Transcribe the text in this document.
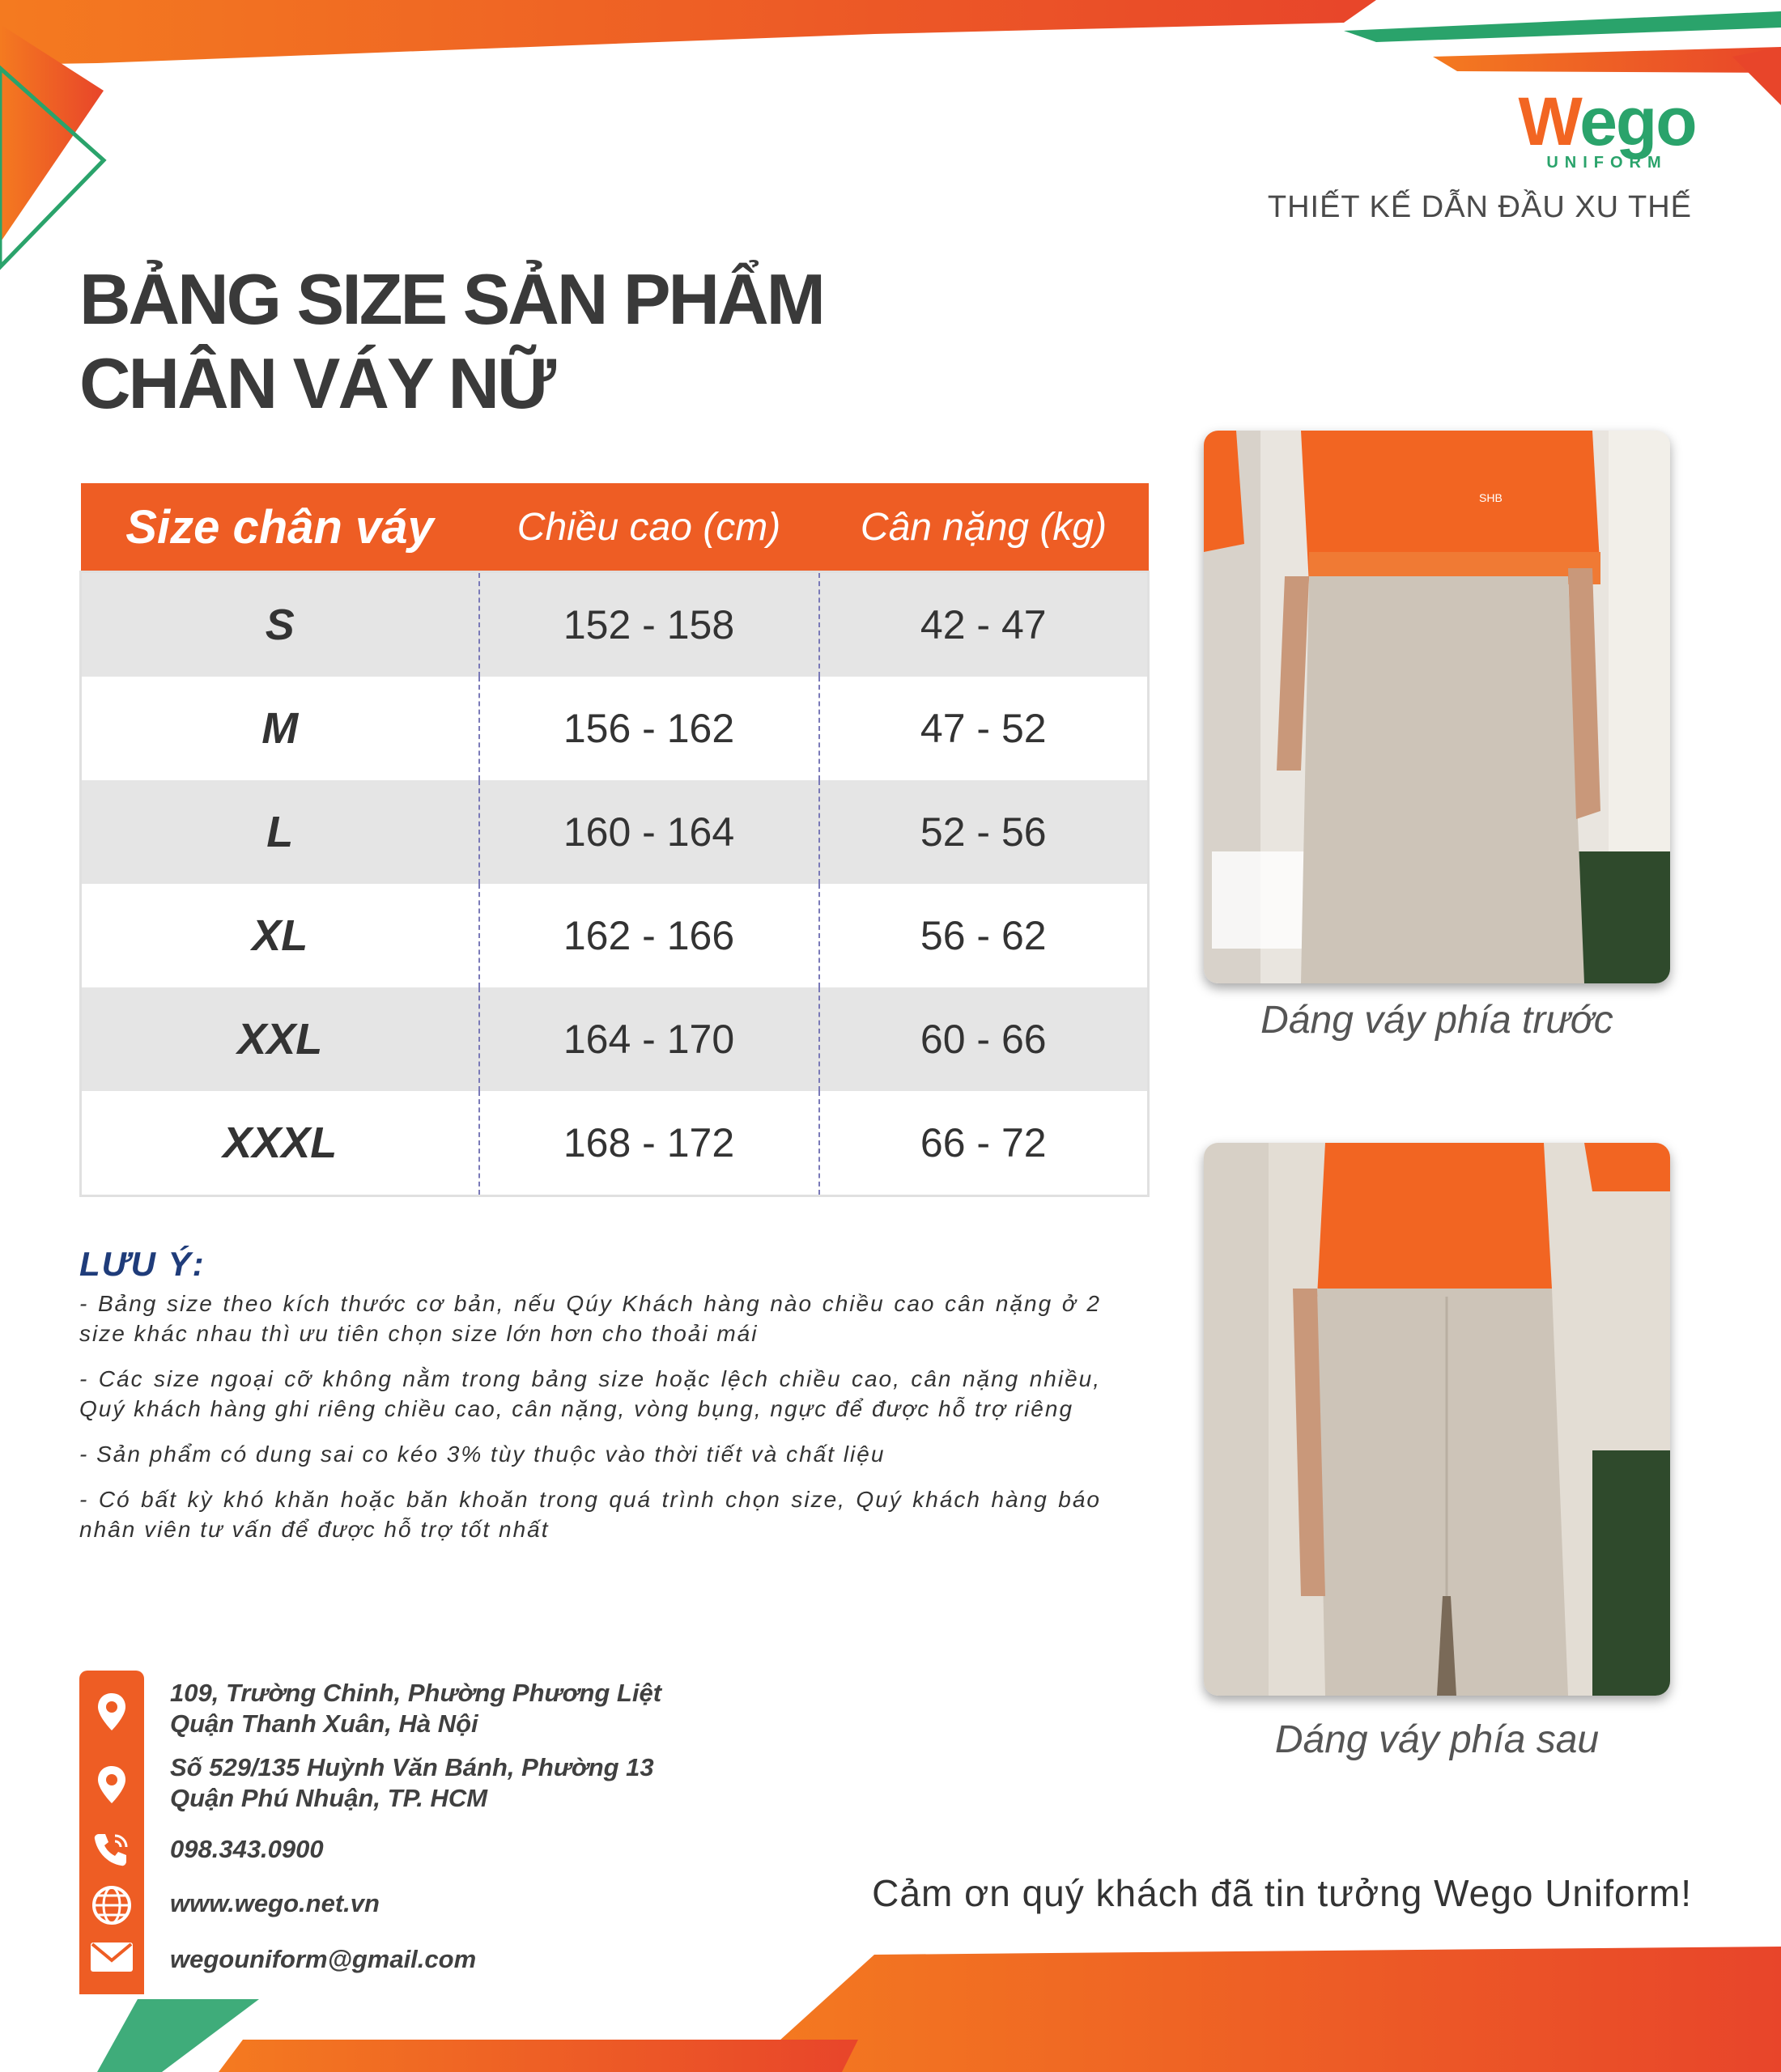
Wego
UNIFORM
THIẾT KẾ DẪN ĐẦU XU THẾ
BẢNG SIZE SẢN PHẨM
CHÂN VÁY NỮ
Size chân váy	Chiều cao (cm)	Cân nặng (kg)
S	152 - 158	42 - 47
M	156 - 162	47 - 52
L	160 - 164	52 - 56
XL	162 - 166	56 - 62
XXL	164 - 170	60 - 66
XXXL	168 - 172	66 - 72
LƯU Ý:
- Bảng size theo kích thước cơ bản, nếu Qúy Khách hàng nào chiều cao cân nặng ở 2 size khác nhau thì ưu tiên chọn size lớn hơn cho thoải mái
- Các size ngoại cỡ không nằm trong bảng size hoặc lệch chiều cao, cân nặng nhiều, Quý khách hàng ghi riêng chiều cao, cân nặng, vòng bụng, ngực để được hỗ trợ riêng
- Sản phẩm có dung sai co kéo 3% tùy thuộc vào thời tiết và chất liệu
- Có bất kỳ khó khăn hoặc băn khoăn trong quá trình chọn size, Quý khách hàng báo nhân viên tư vấn để được hỗ trợ tốt nhất
109, Trường Chinh, Phường Phương Liệt
Quận Thanh Xuân, Hà Nội
Số 529/135 Huỳnh Văn Bánh, Phường 13
Quận Phú Nhuận, TP. HCM
098.343.0900
www.wego.net.vn
wegouniform@gmail.com
SHB
Dáng váy phía trước
Dáng váy phía sau
Cảm ơn quý khách đã tin tưởng Wego Uniform!
